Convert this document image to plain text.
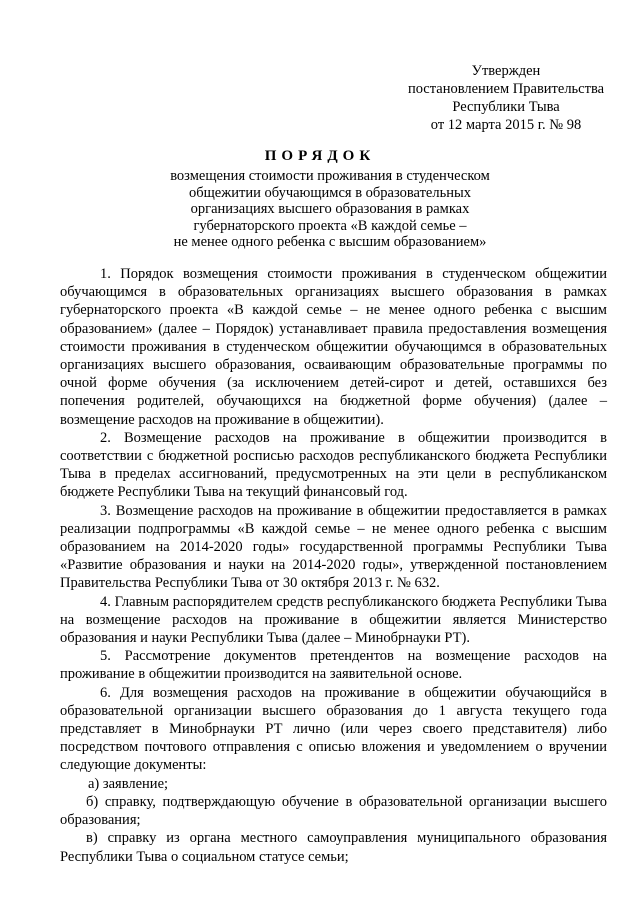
Утвержден
постановлением Правительства
Республики Тыва
от 12 марта 2015 г. № 98
ПОРЯДОК
возмещения стоимости проживания в студенческом
общежитии обучающимся в образовательных
организациях высшего образования в рамках
губернаторского проекта «В каждой семье –
не менее одного ребенка с высшим образованием»

1. Порядок возмещения стоимости проживания в студенческом общежитии обучающимся в образовательных организациях высшего образования в рамках губернаторского проекта «В каждой семье – не менее одного ребенка с высшим образованием» (далее – Порядок) устанавливает правила предоставления возмещения стоимости проживания в студенческом общежитии обучающимся в образовательных организациях высшего образования, осваивающим образовательные программы по очной форме обучения (за исключением детей-сирот и детей, оставшихся без попечения родителей, обучающихся на бюджетной форме обучения) (далее – возмещение расходов на проживание в общежитии).

2. Возмещение расходов на проживание в общежитии производится в соответствии с бюджетной росписью расходов республиканского бюджета Республики Тыва в пределах ассигнований, предусмотренных на эти цели в республиканском бюджете Республики Тыва на текущий финансовый год.

3. Возмещение расходов на проживание в общежитии предоставляется в рамках реализации подпрограммы «В каждой семье – не менее одного ребенка с высшим образованием на 2014-2020 годы» государственной программы Республики Тыва «Развитие образования и науки на 2014-2020 годы», утвержденной постановлением Правительства Республики Тыва от 30 октября 2013 г. № 632.

4. Главным распорядителем средств республиканского бюджета Республики Тыва на возмещение расходов на проживание в общежитии является Министерство образования и науки Республики Тыва (далее – Минобрнауки РТ).

5. Рассмотрение документов претендентов на возмещение расходов на проживание в общежитии производится на заявительной основе.

6. Для возмещения расходов на проживание в общежитии обучающийся в образовательной организации высшего образования до 1 августа текущего года представляет в Минобрнауки РТ лично (или через своего представителя) либо посредством почтового отправления с описью вложения и уведомлением о вручении следующие документы:

а) заявление;

б) справку, подтверждающую обучение в образовательной организации высшего образования;

в) справку из органа местного самоуправления муниципального образования Республики Тыва о социальном статусе семьи;
